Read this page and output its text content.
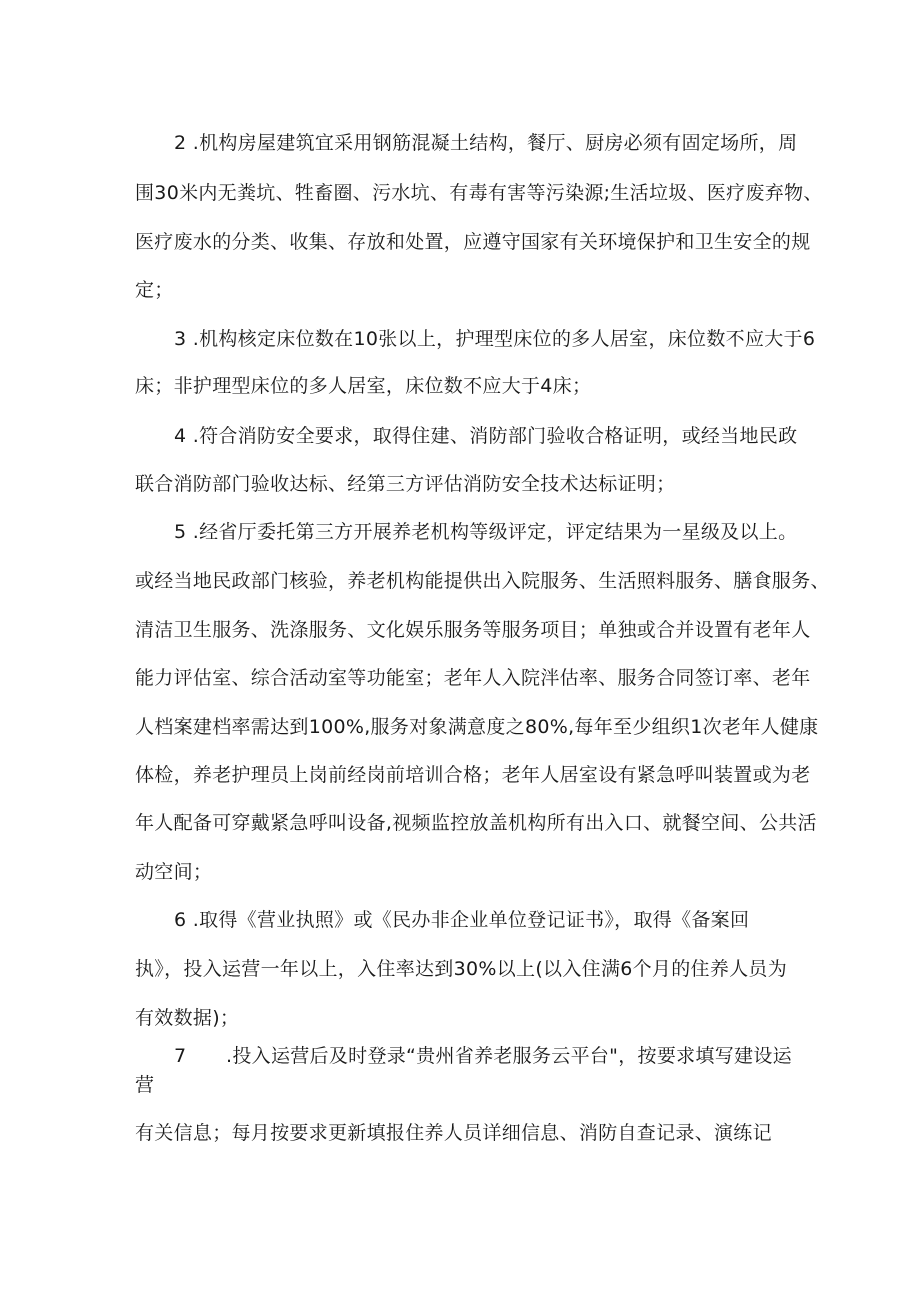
2 .机构房屋建筑宜采用钢筋混凝土结构，餐厅、厨房必须有固定场所，周
围30米内无粪坑、牲畜圈、污水坑、有毒有害等污染源;生活垃圾、医疗废弃物、
医疗废水的分类、收集、存放和处置，应遵守国家有关环境保护和卫生安全的规
定；
3 .机构核定床位数在10张以上，护理型床位的多人居室，床位数不应大于6
床；非护理型床位的多人居室，床位数不应大于4床；
4 .符合消防安全要求，取得住建、消防部门验收合格证明，或经当地民政
联合消防部门验收达标、经第三方评估消防安全技术达标证明；
5 .经省厅委托第三方开展养老机构等级评定，评定结果为一星级及以上。
或经当地民政部门核验，养老机构能提供出入院服务、生活照料服务、膳食服务、
清洁卫生服务、洗涤服务、文化娱乐服务等服务项目；单独或合并设置有老年人
能力评估室、综合活动室等功能室；老年人入院泮估率、服务合同签订率、老年
人档案建档率需达到100%,服务对象满意度之80%,每年至少组织1次老年人健康
体检，养老护理员上岗前经岗前培训合格；老年人居室设有紧急呼叫装置或为老
年人配备可穿戴紧急呼叫设备,视频监控放盖机构所有出入口、就餐空间、公共活
动空间；
6 .取得《营业执照》或《民办非企业单位登记证书》，取得《备案回
执》，投入运营一年以上，入住率达到30%以上(以入住满6个月的住养人员为
有效数据)；
7 .投入运营后及时登录“贵州省养老服务云平台"，按要求填写建设运
营
有关信息；每月按要求更新填报住养人员详细信息、消防自查记录、演练记
